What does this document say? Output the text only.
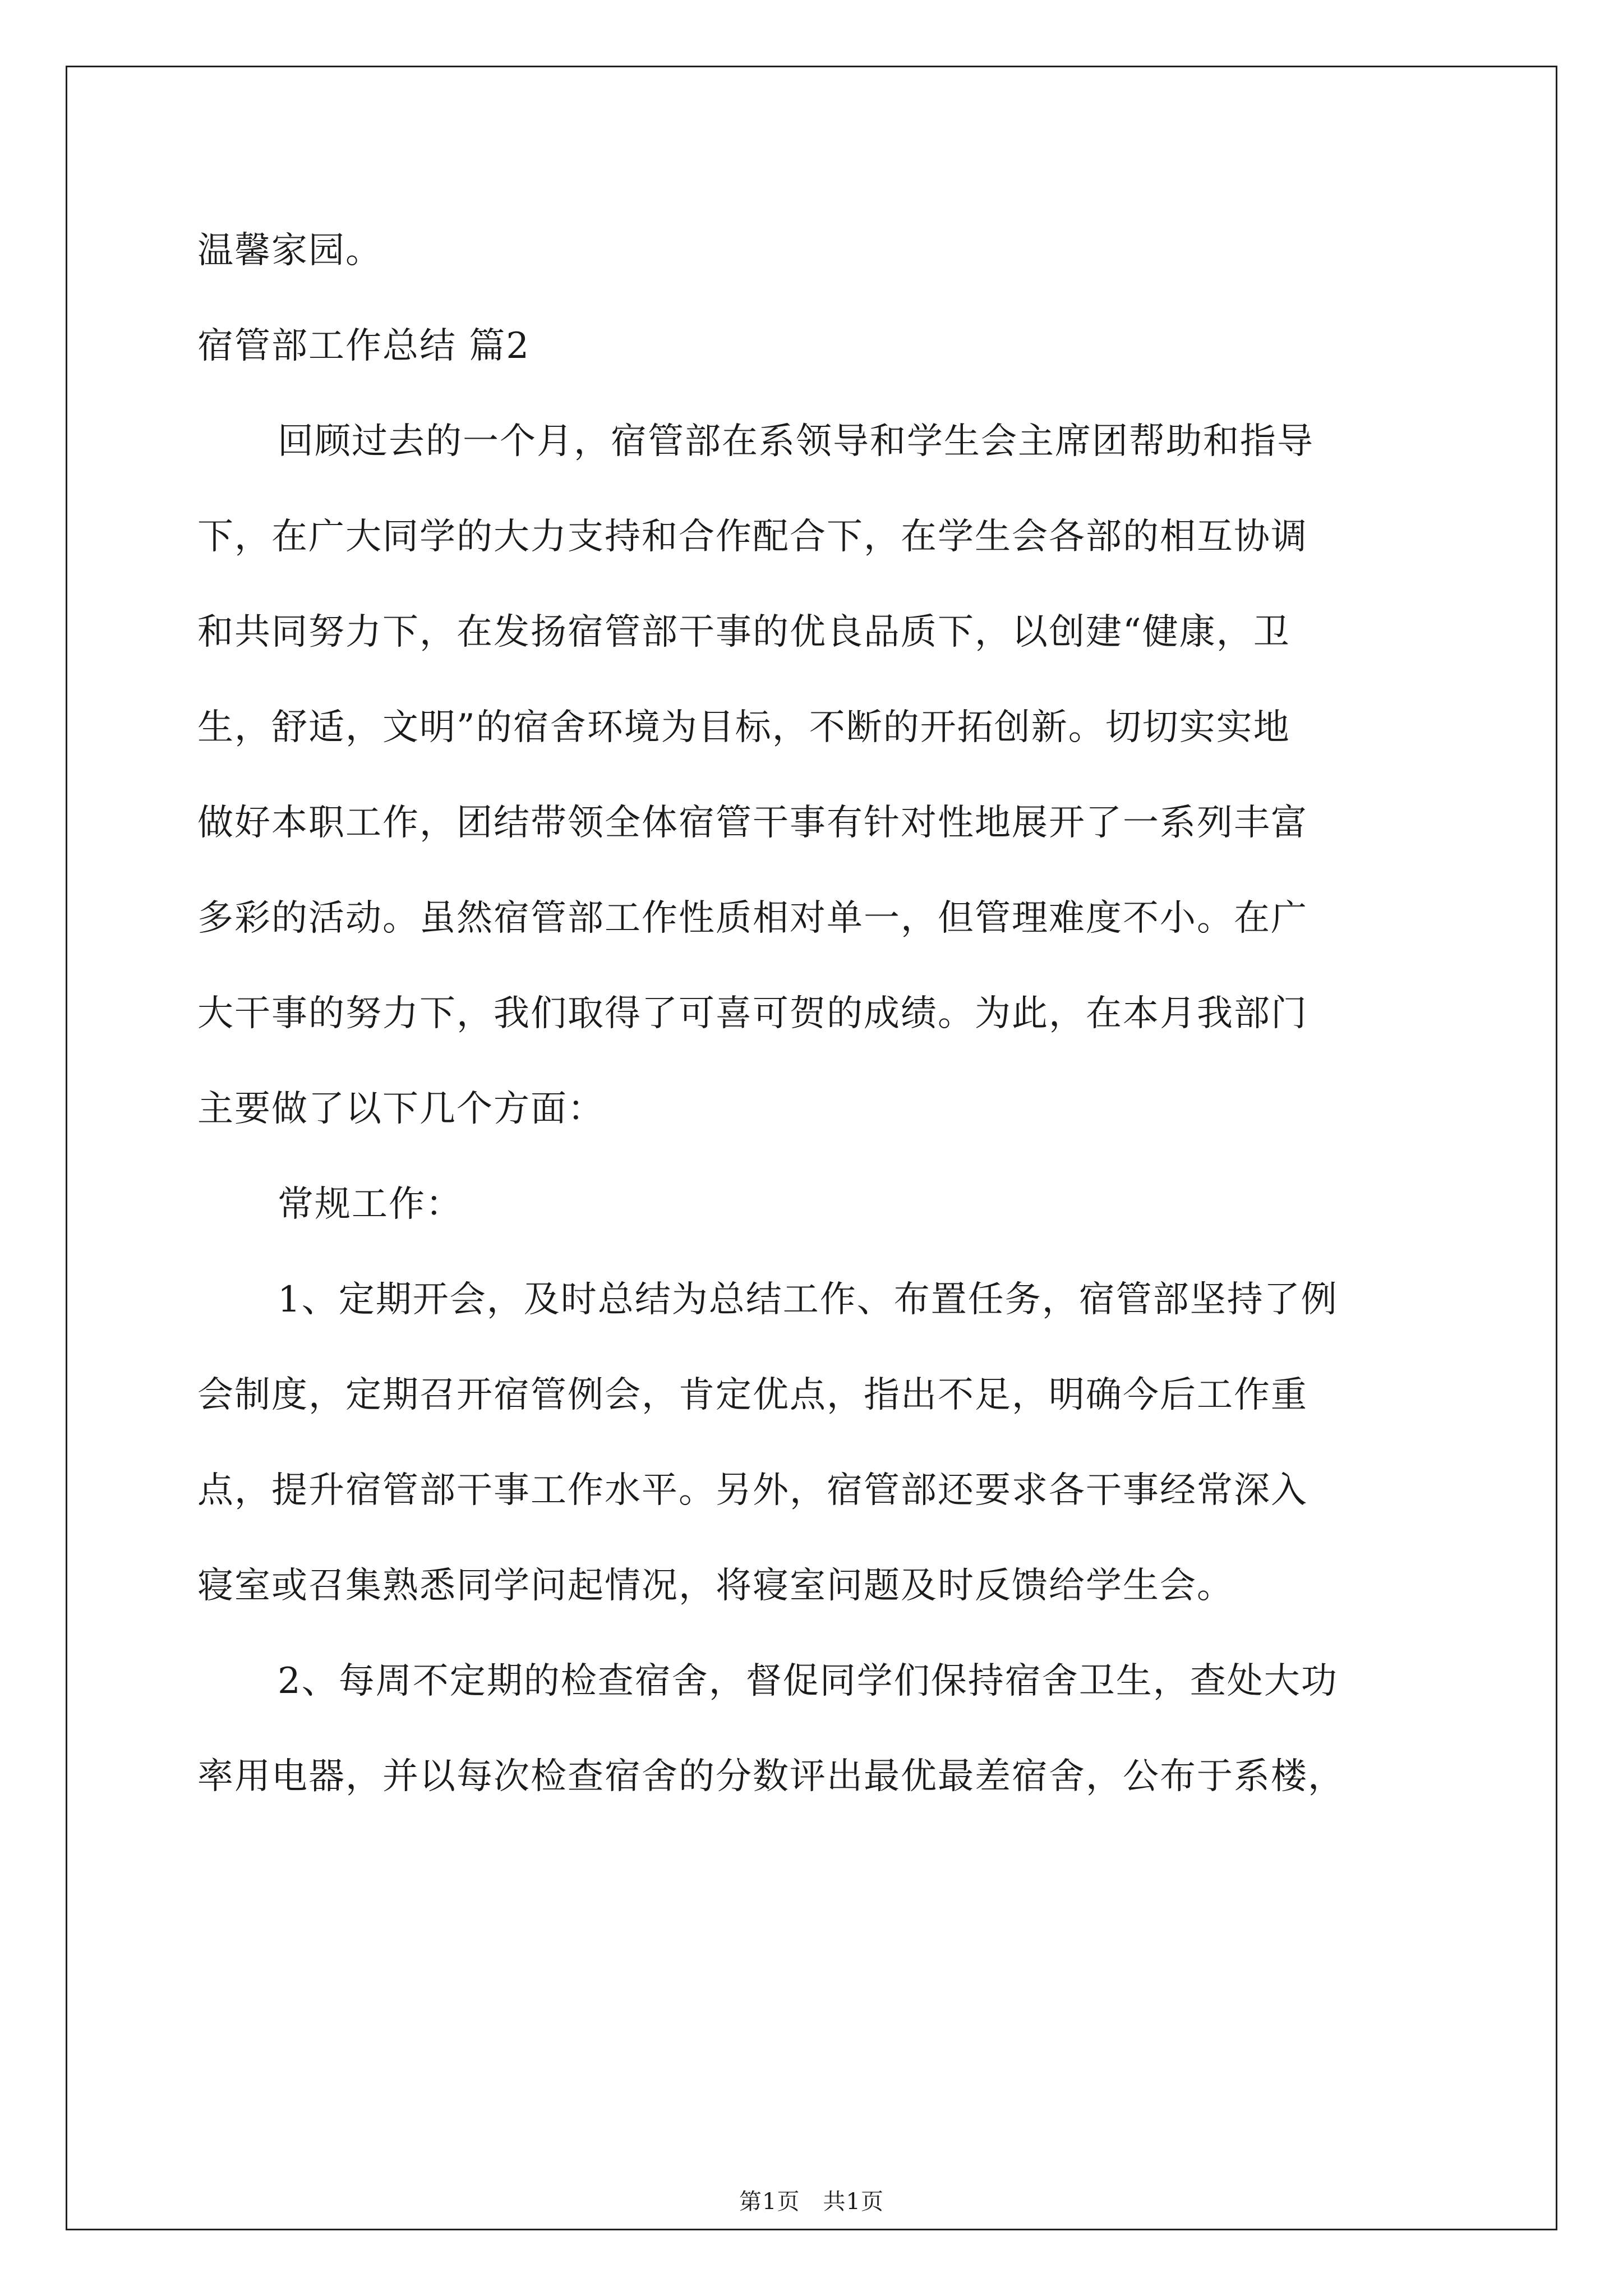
温馨家园。
宿管部工作总结 篇2
回顾过去的一个月，宿管部在系领导和学生会主席团帮助和指导
下，在广大同学的大力支持和合作配合下，在学生会各部的相互协调
和共同努力下，在发扬宿管部干事的优良品质下，以创建“健康，卫
生，舒适，文明”的宿舍环境为目标，不断的开拓创新。切切实实地
做好本职工作，团结带领全体宿管干事有针对性地展开了一系列丰富
多彩的活动。虽然宿管部工作性质相对单一，但管理难度不小。在广
大干事的努力下，我们取得了可喜可贺的成绩。为此，在本月我部门
主要做了以下几个方面：
常规工作：
1、定期开会，及时总结为总结工作、布置任务，宿管部坚持了例
会制度，定期召开宿管例会，肯定优点，指出不足，明确今后工作重
点，提升宿管部干事工作水平。另外，宿管部还要求各干事经常深入
寝室或召集熟悉同学问起情况，将寝室问题及时反馈给学生会。
2、每周不定期的检查宿舍，督促同学们保持宿舍卫生，查处大功
率用电器，并以每次检查宿舍的分数评出最优最差宿舍，公布于系楼，
第1页　共1页
